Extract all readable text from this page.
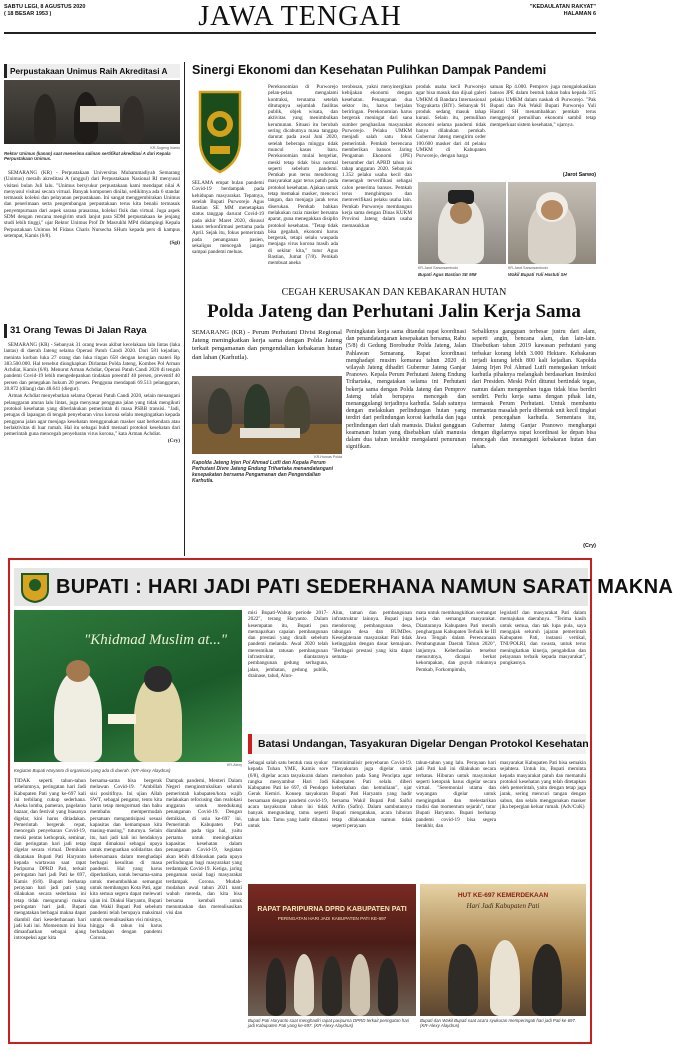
SABTU LEGI, 8 AGUSTUS 2020
( 18 BESAR 1953 )	JAWA TENGAH	"KEDAULATAN RAKYAT"
HALAMAN 6
Perpustakaan Unimus Raih Akreditasi A
KR-Sugeng Irianto
Rektor Unimus (kanan) saat menerima salinan sertifikat akreditasi A dari Kepala Perpustakaan Unimus.

SEMARANG (KR) - Perpustakaan Universitas Muhammadiyah Semarang (Unimus) meraih akreditasi A (unggul) dari Perpustakaan Nasional RI menyusul visitasi bulan Juli lalu. "Unimus bersyukur perpustakaan kami mendapat nilai A menyusul visitasi secara virtual. Banyak komponen dinilai, sedikitnya ada 6 standar termasuk koleksi dan pelayanan perpustakaan. Ini sangat menggembirakan Unimus dan penerimaan serta pengembangan perpustakaan terus kita benahi termasuk penyempurnaan dari aspek sarana prasarana, koleksi fisik dan virtual. Juga aspek SDM dengan rencana mengirim studi lanjut para SDM perpustakaan ke jenjang studi lebih tinggi," ujar Rektor Unimus Prof Dr Masrukhi MPd didampingi Kepala Perpustakaan Unimus M Fidaus Charis Nursecha SHum kepada pers di kampus setempat, Kamis (6/8).

(Sgi)

31 Orang Tewas Di Jalan Raya

SEMARANG (KR) - Sebanyak 31 orang tewas akibat kecelakaan lalu lintas (laka lantas) di daerah Jateng selama Operasi Patuh Candi 2020. Dari 581 kejadian, meninta korban luka 27 orang dan luka ringan 658 dengan kerugian materi Rp 383.500.000. Hal tersebut diungkapkan Dirlantas Polda Jateng, Kombes Pol Arman Achdiat, Kamis (6/8). Menurut Arman Achdiat, Operasi Patuh Candi 2020 di tengah pandemi Covid-19 lebih mengedepankan tindakan preemtif 40 persen, preventif 40 persen dan penegakan hukum 20 persen. Pengguna mendapati 69.513 pelanggaran, 20.872 (dilang) dan 48.641 (diegur).

Arman Achdiat menyebutkan selama Operasi Patuh Candi 2020, selain menangani pelanggaran aturan lalu lintas, juga menyasar pengguna jalan yang tidak mengikuti protokol kesehatan yang diberlakukan pemerintah di masa PSBB transisi. "Jadi, petugas di lapangan di tengah penyebaran virus korona selalu mengingatkan kepada pengguna jalan agar menjaga kesehatan menggunakan masker saat berkendara atau berlaktivitas di luar rumah. Hal itu sebagai bukti menaati protokol kesehatan dari pemerintah guna mencegah penyebaran virus korona," kata Arman Achdiat.

(Cry)

Sinergi Ekonomi dan Kesehatan Pulihkan Dampak Pandemi
SELAMA empat bulan pandemi Covid-19 berdampak pada kehidupan masyarakat. Tepatnya, setelah Bupati Purworejo Agus Bastian SE MM menetapkan status tanggap darurat Covid-19 pada akhir Maret 2020, disusul kasus terkonfirmasi pertama pada April. Sejak itu, fokus pemerintah pada penanganan pasien, sekaligus mencegah jangan sampai pandemi meluas.
Perekonomian di Purworejo pelan-pelan mengalami kontraksi, terutama setelah ditutupnya sejumlah fasilitas publik, objek wisata, dan aktivitas yang menimbulkan kerumunan. Situasi itu berubah sering dicabutnya masa tanggap darurat pada awal Juni 2020, setelah beberapa minggu tidak muncul kasus baru. Perekonomian mulai bergeliat, meski tetap tidak bisa normal seperti sebelum pandemi. Pemkab pun terus mendorong masyarakat agar terus patuh pada protokol kesehatan. Ajakan untuk tetap memakai masker, mencuci tangan, dan menjaga jarak terus diserukan. Pemkab bahkan melakukan razia masker bersama aparat, guna menegakkan disiplin protokol kesehatan. "Tetap tidak bisa gegabah, ekonomi harus bergerak, tetapi selalu waspada menjaga virus korona masih ada di sekitar kita," tutur Agus Bastian, Jumat (7/8). Pemkab membuat aneka
terobosan, yakni menyinergikan kebijakan ekonomi dengan kesehatan. Penanganan dua sektor itu, harus berjalan beriringan. Perekonomian harus bergerak meningat dari sana sumber penghasilan masyarakat Purworejo. Pelaku UMKM menjadi salah satu fokus pemerintah. Pemkab berencana memberikan bansos Jaring Pengaman Ekonomi (JPE) bersumber dari APBD tahun ini tahap anggaran 2020. Sebanyak 1.352 pelaku usaha kecil dan menengah terverifikasi sebagai calon penerima bansos. Pemkab terus menghimpun dan memverifikasi pelaku usaha lain. Pemkab Purworejo membangun kerja sama dengan Dinas KUKM Provinsi Jateng dalam usaha memasukkan
produk usaha kecil Purworejo agar bisa masuk dan dijual galeri UMKM di Bandara Internasional Yogyakarta (BIY). Sebanyak 91 produk sedang masuk tahap kurasi. Selain itu, pemulihan ekonomi selama pandemi tidak hanya dilakukan pemkab. Gubernur Jateng mengirim order 100.600 masker dari 44 pelaku UMKM di Kabupaten Purworejo, dengan harga
satuan Rp 4.000. Pemprov juga mengalokasikan bansos JPE dalam bentuk bahan baku kepada 315 pelaku UMKM dalam naskah di Purworejo. "Pak Bupati dan Pak Wakil Bupati Purworejo Yuli Hastuti SH menambahkan pemkab terus menggenjot pemulihan ekonomi sambil tetap memperkuat sistem kesehatan," ujarnya.
(Jarot Sarwo)
KR-Jarot Sarwosambodo	KR-Jarot Sarwosambodo
Bupati Agus Bastian SE MM	Wakil Bupati Yuli Hastuti SH
CEGAH KERUSAKAN DAN KEBAKARAN HUTAN
Polda Jateng dan Perhutani Jalin Kerja Sama
SEMARANG (KR) - Perum Perhutani Divisi Regional Jateng meningkatkan kerja sama dengan Polda Jateng terkait pengamanan dan pengendalian kebakaran hutan dan lahan (Karhutla).
KR-Humas Polda
Kapolda Jateng Irjen Pol Ahmad Lutfi dan Kepala Perum Perhutani Divre Jateng Endung Trihartaka menandatangani kesepakatan bersama Pengamanan dan Pengendalian Karhutla.
Peningkatan kerja sama ditandai rapat koordinasi dan penandatanganan kesepakatan bersama, Rabu (5/8) di Gedung Borobudur Polda Jateng, Jalan Pahlawan Semarang. Rapat koordinasi menghadapi musim kemarau tahun 2020 di wilayah Jateng dihadiri Gubernur Jateng Ganjar Pranowo. Kepala Perum Perhutani Jateng Endung Trihartaka, mengatakan selama ini Perhutani bekerja sama dengan Polda Jateng dan Pemprov Jateng telah berupaya mencegah dan menanggulangi terjadinya karhutla. Salah satunya dengan melakukan perlindungan hutan yang terdiri dari perlindungan korosi karhutla dan juga perlindungan dari ulah manusia. Diakui gangguan keamanan hutan yang disebabkan ulah manusia dalam dua tahun terakhir mengalami penurunan signifikan.
Sebaliknya gangguan terbesar justru dari alam, seperti angin, bencana alam, dan lain-lain. Disebutkan tahun 2019 kawasan perhutani yang terbakar korang lebih 3.000 Hektare. Kebakaran terjadi kurang lebih 800 kali kejadian. Kapolda Jateng Irjen Pol Ahmad Lutfi menegaskan terkait karhutla pihaknya melangkah berdasarkan Instruksi dari Presiden. Meski Polri ditunut bertindak tegas, namun dalam mengemban tugas tidak bisa berdiri sendiri. Perlu kerja sama dengan pihak lain, termasuk Perum Perhutani. Untuk membantu memantau masalah perlu dibentuk unit kecil tingkat untuk pencegahan karhutla. Sementara itu, Gubernur Jateng Ganjar Pranowo menghargai dengan digelarnya rapat koordinasi ke depan bisa mencegah dan menangani kebakaran hutan dan lahan.
(Cry)
BUPATI : HARI JADI PATI SEDERHANA NAMUN SARAT MAKNA
"Khidmad Muslim at..."
KR-Alexy
Kegiatan Bupati Haryanto di organisasi yang ada di daerah. (KR-Alexy Alaydrus)
TIDAK seperti tahun-tahun sebelumnya, peringatan hari Jadi Kabupaten Pati yang ke-697 kali ini terbilang cukup sederhana. Aneka lomba, pameran, pagelaran bazaar, dan festival yang biasanya digelar, kini harus ditiadakan. Pemerintah bergerak cepat, mencegah penyebaran Covid-19, meski pentas kethoprak, seminar, dan peringatan hari jadi tetap digelar secara virtual. Demikian dikatakan Bupati Pati Haryanto kepada wartawan saat rapat Paripurna DPRD Pati, terkait peringatan hari jadi Pati ke 697, Kamis (6/8). Bupati berharap perayaan hari jadi pati yang dilakukan secara sederhana ini tetap tidak mengurangi makna peringatan hari jadi. Bupati mengatakan berbagai makna dapat diambil dari kesederhanaan hari jadi kali ini. Momentum ini bisa dimanfaatkan sebagai ajang introspeksi agar kita
bersama-sama bisa bergerak melawan Covid-19. "Ambillah sisi positifnya. Ini ujian Allah SWT, sebagai pengatur, tentu kita harus tetap mengormati dan bahu membahu mempermudah persatuan mengantisipasi sesuai kapasitas dan kemampuan kita masing-masing," tuturnya. Selain itu, hari jadi kali ini hendaknya dapat dimaknai sebagai upaya untuk menguatkan solidaritas dan kebersamaan dalam menghadapi berbagai kesulitan di masa pandemi. Hal yang harus diperhatikan, untuk bersama-sama untuk menumbuhkan semangat untuk membangun Kota Pati, agar kita semua segera dapat melewati ujian ini. Diakui Haryanto, Bupati dan Wakil Bupati Pati sebelum pandemi telah berupaya maksimal untuk merealisasikan visi misinya, hingga di tahun ini harus berhadapan dengan pandemi Corona.
Dampak pandemi, Menteri Dalam Negeri menginstruksikan seluruh pemerintah kabupaten/kota wajib melakukan refocusing dan realokasi anggaran untuk mendukung penanganan Covid-19. Dengan demikian, di usia ke-697 ini, Pemerintah Kabupaten Pati diarahkan pada tiga hal, yaitu pertama untuk meningkatkan kapasitas kesehatan dalam penanganan Covid-19, kegiatan akan lebih difokuskan pada upaya perlindungan bagi masyarakat yang terdampak Covid-19. Ketiga, jaring pengaman sosial bagi masyarakat terdampak Corona. Mudah-mudahan awal tahun 2021 nanti wabah mereda, dan kita bisa bersama kembali untuk menuntaskan dan merealisasikan visi dan
misi Bupati-Wabup periode 2017-2022", terang Haryanto. Dalam kesempatan itu, Bupati pun memaparkan capaian pembangunan dan prestasi yang diraih sebelum pandemi melanda. Awal 2020 telah meresmikan ratusan pembangunan infrastruktur, diantaranya pembangunan gedung serbaguna, jalan, jembatan, gedung publik, drainase, talud, Alun-
Alun, taman dan pembangunan infrastruktur lainnya. Bupati juga mendorong pembangunan desa, tabungan desa dan BUMDes. Kesejahteraan masyarakat Pati tidak ketinggalan dengan dasar kemajuan. "Berbagai prestasi yang kita dapat semata-
mata untuk membangkitkan semangat kerja dan semangat masyarakat. Diantaranya Kabupaten Pati meraih penghargaan Kabupaten Terbaik ke III Jawa Tengah dalam Perencanaan Pembangunan Daerah Tahun 2020", lanjutnya. Keberhasilan tersebut menurutnya, dicapai berkat kekompakan, dan guyub rukunnya Pemkab, Forkompimda,
legislatif dan masyarakat Pati dalam memajukan daerahnya. "Terima kasih untuk semua, dan tak lupa pula, saya mengajak seluruh jajaran pemerintah Kabupaten Pati, instansi vertikal, TNI/POLRI, dan swasta, untuk terus meningkatkan kinerja, pengabdian dan pelayanan terbaik kepada masyarakat", pungkasnya.
Batasi Undangan, Tasyakuran Digelar Dengan Protokol Kesehatan
Sebagai salah satu bentuk rasa syukur kepada Tuhan YME, Kamis sore (6/8), digelar acara tasyakuran dalam rangka menyambut Hari Jadi Kabupaten Pati ke 697, di Pendopo Gerak Kemiri. Konsep tasyakuran bersamaan dengan pandemi covid-19, acara tasyakuran tahun ini tidak banyak mengundang tamu seperti tahun lalu. Tamu yang hadir dibatasi untuk
meminimalisir penyebaran Covid-19. "Tasyakuran juga digelar untuk memohon pada Sang Pencipta agar Kabupaten Pati selalu diberi keberkahan dan kemuliaan", ujar Bupati Pati Haryanto yang hadir bersama Wakil Bupati Pati Saiful Arifin (Safin). Dalam sambutannya Bupati mengatakan, acara hiburan tetap dilaksanakan namun tidak seperti perayaan
tahun-tahun yang lalu. Perayaan hari jadi Pati kali ini dilakukan secara terbatas. Hiburan untuk masyarakat seperti ketoprak harus digelar secara virtual. "Seremonial utama dan wayangan digelar untuk mengingatkan dan melestarikan tradisi dan momentum sejarah", tutur Bupati Haryanto. Bupati berharap pandemi covid-19 bisa segera berakhir, dan
masyarakat Kabupaten Pati bisa semakin sejahtera. Untuk itu, Bupati meminta kepada masyarakat patuh dan mematuhi protokol kesehatan yang telah ditetapkan oleh pemerintah, yaitu dengan tetap jaga jarak, sering mencuci tangan dengan sabun, dan selalu menggunakan masker jika bepergian keluar rumah. (Adv/CuK)
RAPAT PARIPURNA DPRD KABUPATEN PATI
PERINGATAN HARI JADI KABUPATEN PATI KE-697
HUT KE-697 KEMERDEKAAN
Hari Jadi Kabupaten Pati
Bupati Pati Haryanto saat menghadiri rapat paripurna DPRD terkait peringatan hari jadi Kabupaten Pati yang ke-697. (KR-Alexy Alaydrus)
Bupati dan Wakil Bupati saat acara syukuran memperingati hari jadi Pati ke 697. (KR-Alexy Alaydrus)
